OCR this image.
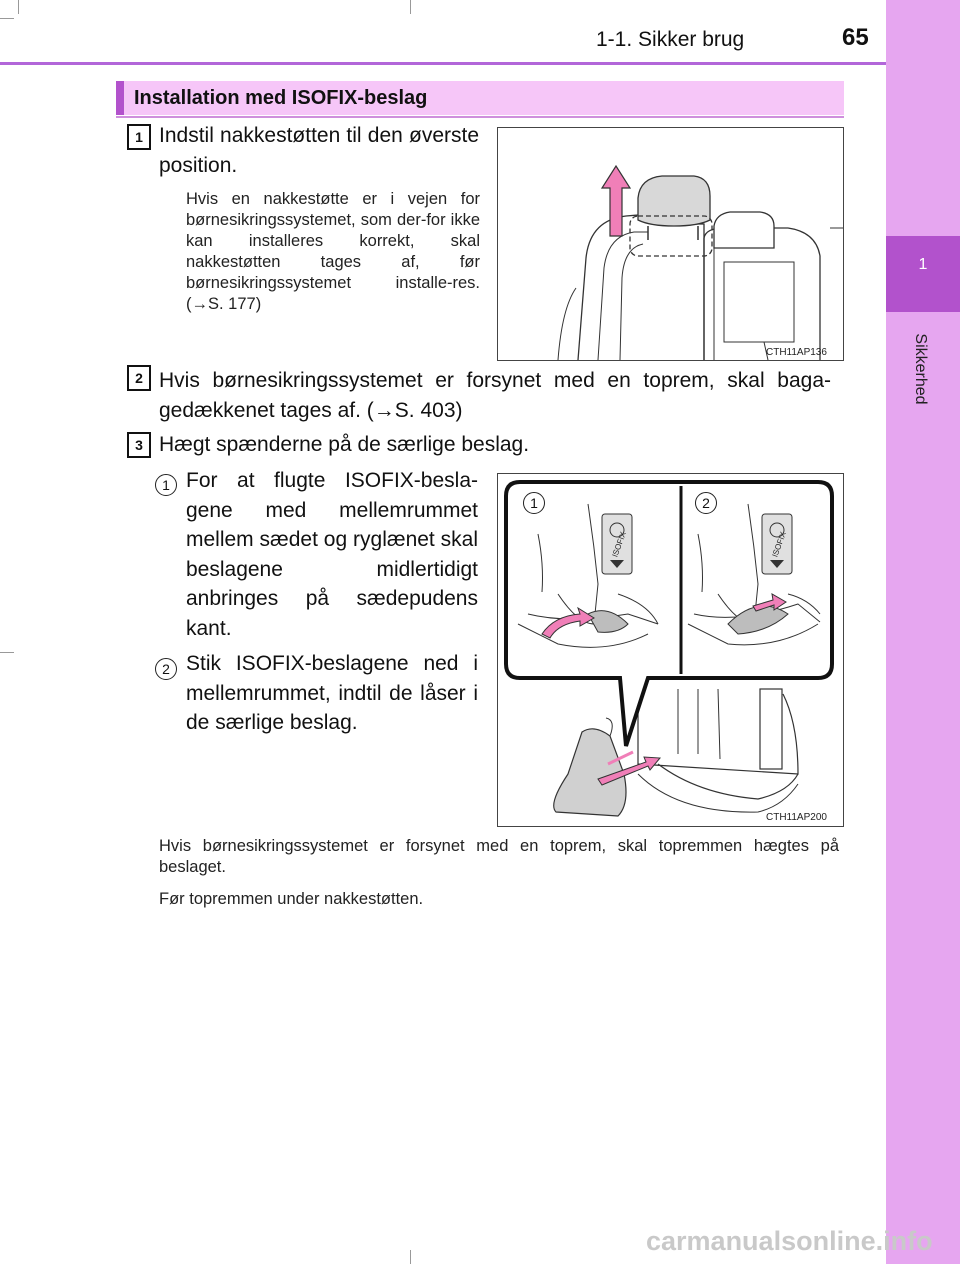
1
Sikkerhed
1-1. Sikker brug	65
Installation med ISOFIX-beslag
1 Indstil nakkestøtten til den øverste position.
Hvis en nakkestøtte er i vejen for børnesikringssystemet, som der-for ikke kan installeres korrekt, skal nakkestøtten tages af, før børnesikringssystemet installe-res. (→S. 177)
CTH11AP136
2 Hvis børnesikringssystemet er forsynet med en toprem, skal baga-gedækkenet tages af. (→S. 403)
3 Hægt spænderne på de særlige beslag.
1 For at flugte ISOFIX-besla-gene med mellemrummet mellem sædet og ryglænet skal beslagene midlertidigt anbringes på sædepudens kant.
2 Stik ISOFIX-beslagene ned i mellemrummet, indtil de låser i de særlige beslag.
1	2
ISOFIX	ISOFIX
CTH11AP200
Hvis børnesikringssystemet er forsynet med en toprem, skal topremmen hægtes på beslaget.
Før topremmen under nakkestøtten.
carmanualsonline.info
